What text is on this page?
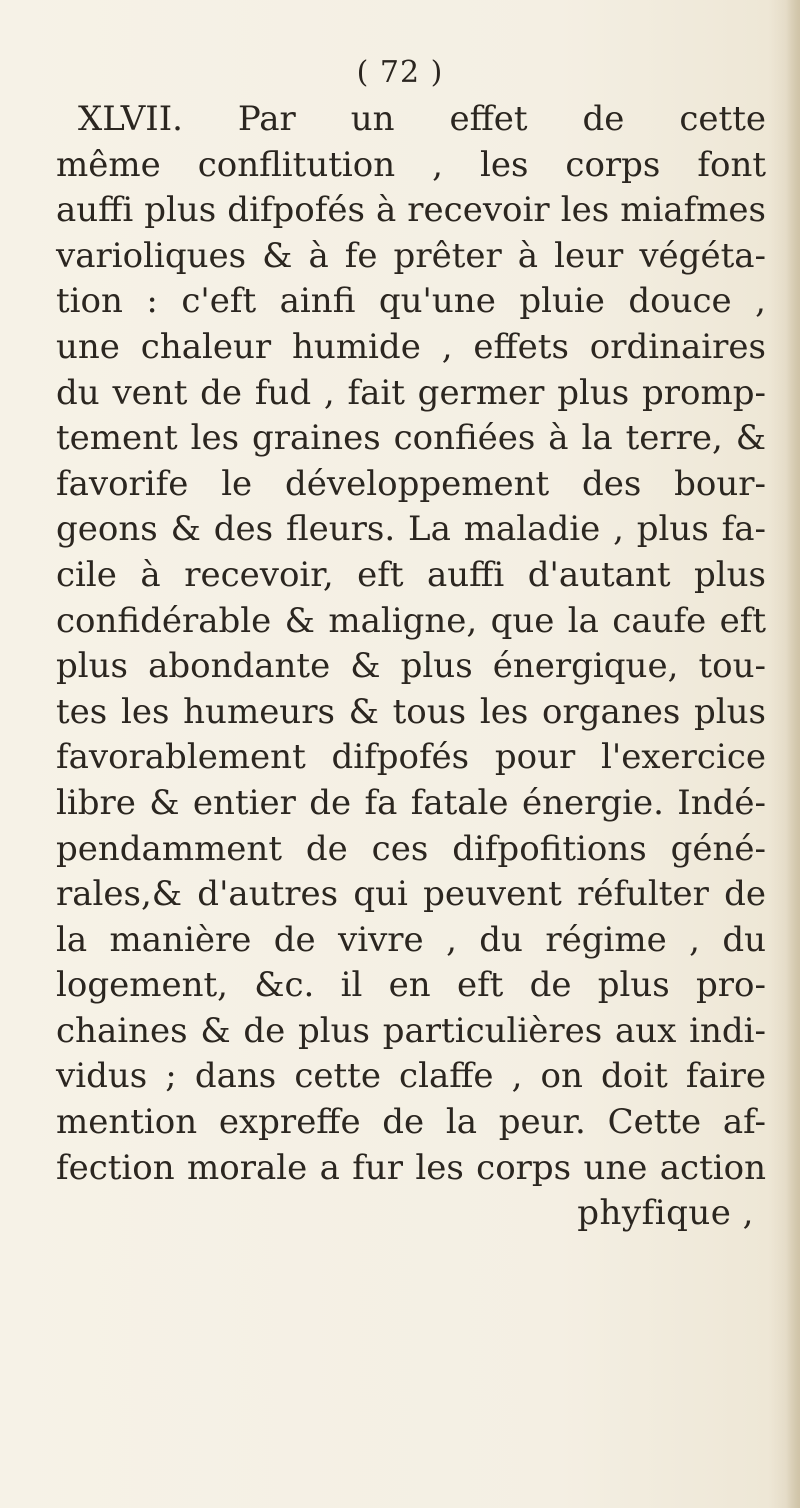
( 72 )
XLVII. Par un effet de cette
même conflitution , les corps font
auffi plus difpofés à recevoir les miafmes
varioliques & à fe prêter à leur végéta-
tion : c'eft ainfi qu'une pluie douce ,
une chaleur humide , effets ordinaires
du vent de fud , fait germer plus promp-
tement les graines confiées à la terre, &
favorife le développement des bour-
geons & des fleurs. La maladie , plus fa-
cile à recevoir, eft auffi d'autant plus
confidérable & maligne, que la caufe eft
plus abondante & plus énergique, tou-
tes les humeurs & tous les organes plus
favorablement difpofés pour l'exercice
libre & entier de fa fatale énergie. Indé-
pendamment de ces difpofitions géné-
rales,& d'autres qui peuvent réfulter de
la manière de vivre , du régime , du
logement, &c. il en eft de plus pro-
chaines & de plus particulières aux indi-
vidus ; dans cette claffe , on doit faire
mention expreffe de la peur. Cette af-
fection morale a fur les corps une action
phyfique ,
